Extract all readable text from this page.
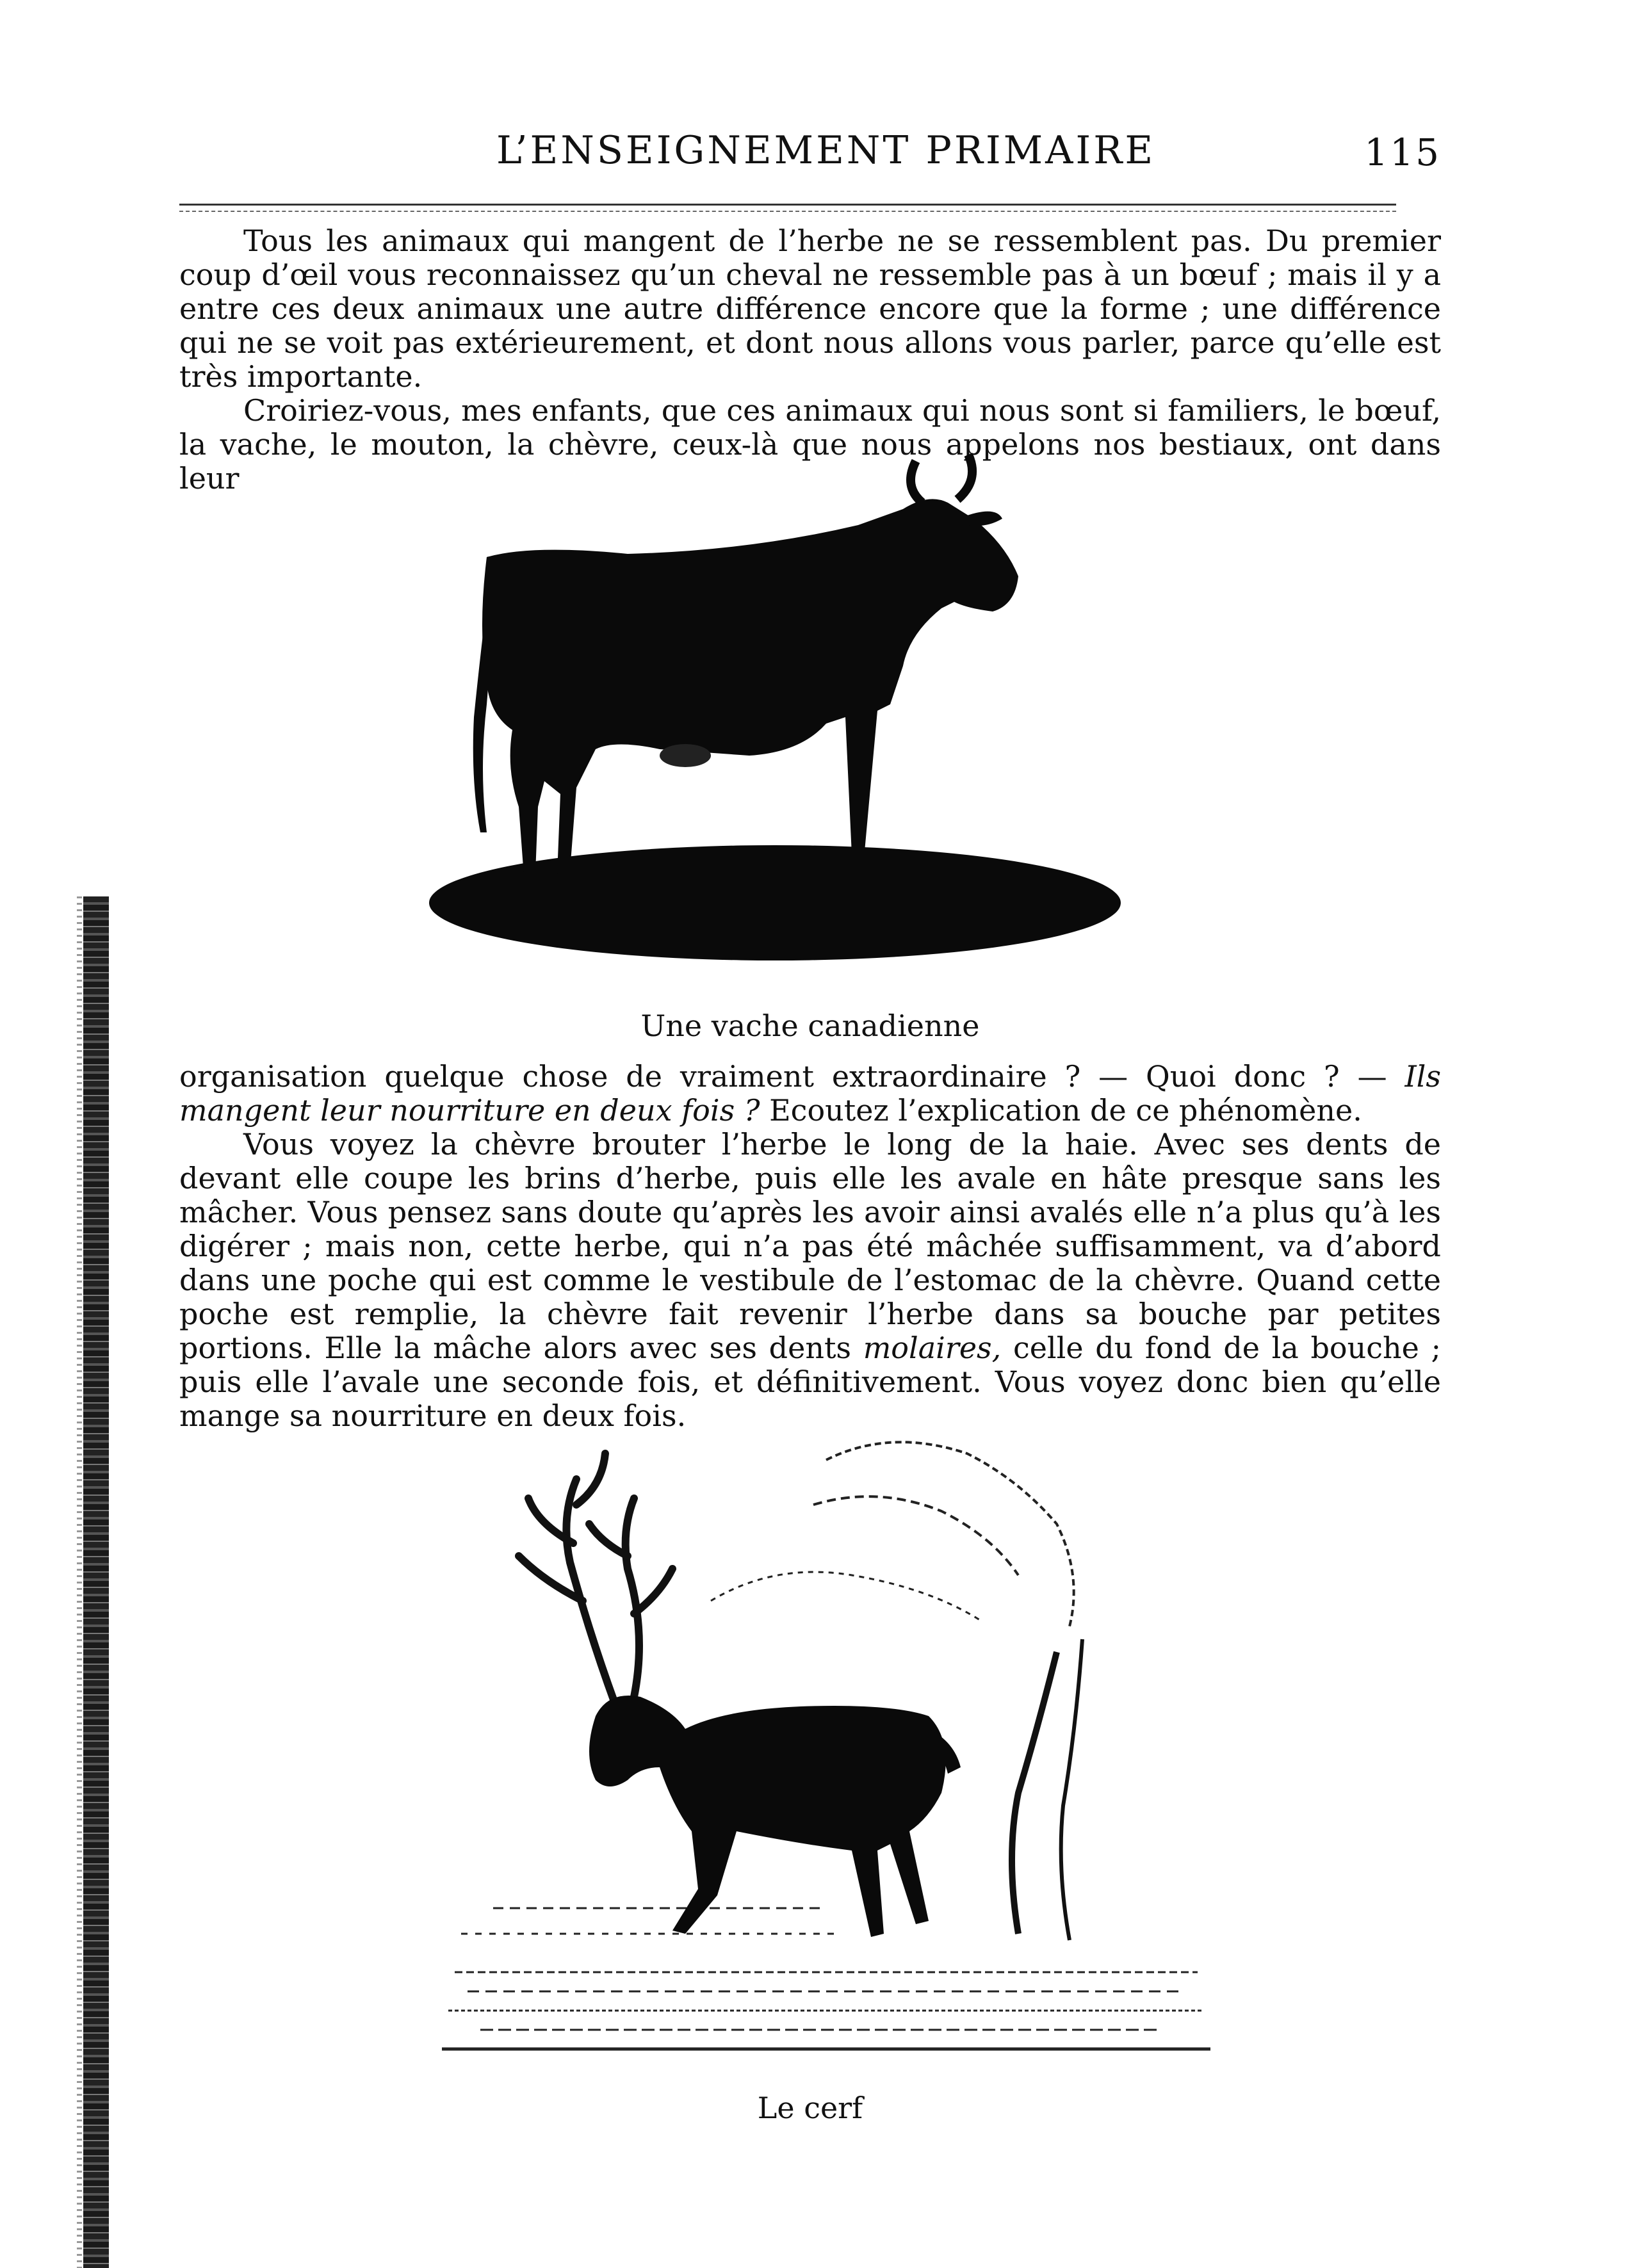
L’ENSEIGNEMENT PRIMAIRE	115

Tous les animaux qui mangent de l’herbe ne se ressemblent pas. Du premier coup d’œil vous reconnaissez qu’un cheval ne ressemble pas à un bœuf ; mais il y a entre ces deux animaux une autre différence encore que la forme ; une différence qui ne se voit pas extérieurement, et dont nous allons vous parler, parce qu’elle est très importante.

Croiriez-vous, mes enfants, que ces animaux qui nous sont si familiers, le bœuf, la vache, le mouton, la chèvre, ceux-là que nous appelons nos bestiaux, ont dans leur

Une vache canadienne

organisation quelque chose de vraiment extraordinaire ? — Quoi donc ? — Ils mangent leur nourriture en deux fois ? Ecoutez l’explication de ce phénomène.

Vous voyez la chèvre brouter l’herbe le long de la haie. Avec ses dents de devant elle coupe les brins d’herbe, puis elle les avale en hâte presque sans les mâcher. Vous pensez sans doute qu’après les avoir ainsi avalés elle n’a plus qu’à les digérer ; mais non, cette herbe, qui n’a pas été mâchée suffisamment, va d’abord dans une poche qui est comme le vestibule de l’estomac de la chèvre. Quand cette poche est remplie, la chèvre fait revenir l’herbe dans sa bouche par petites portions. Elle la mâche alors avec ses dents molaires, celle du fond de la bouche ; puis elle l’avale une seconde fois, et définitivement. Vous voyez donc bien qu’elle mange sa nourriture en deux fois.

Le cerf
